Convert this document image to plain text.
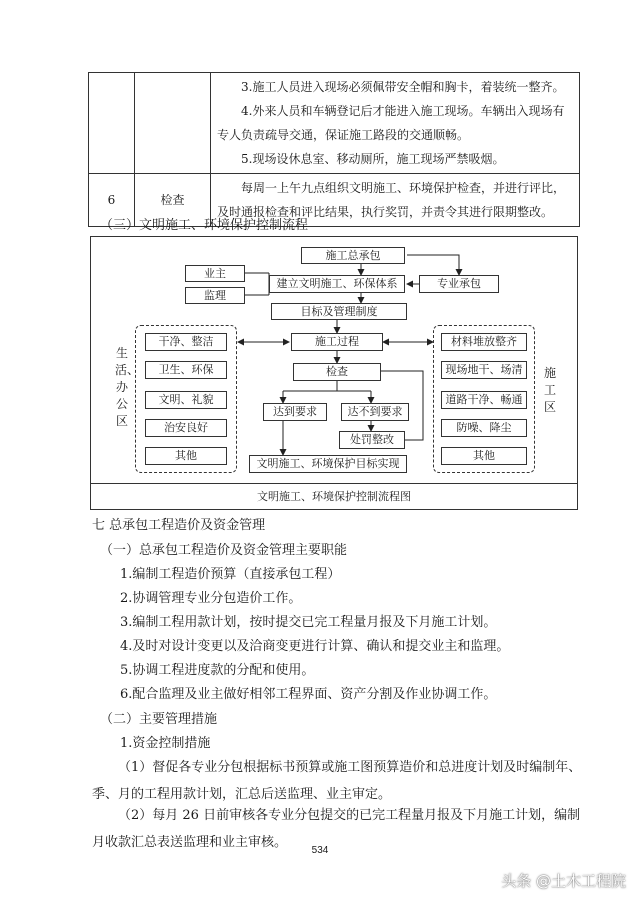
		3.施工人员进入现场必须佩带安全帽和胸卡，着装统一整齐。

4.外来人员和车辆登记后才能进入施工现场。车辆出入现场有专人负责疏导交通，保证施工路段的交通顺畅。

5.现场设休息室、移动厕所，施工现场严禁吸烟。

6	检查	每周一上午九点组织文明施工、环境保护检查，并进行评比，及时通报检查和评比结果，执行奖罚，并责令其进行限期整改。

（三）文明施工、环境保护控制流程
施工总承包
业主
监理
建立文明施工、环保体系	专业承包
目标及管理制度
施工过程
检查
达到要求	达不到要求
处罚整改
文明施工、环境保护目标实现
生活、办公区
干净、整洁
卫生、环保
文明、礼貌
治安良好
其他
施工区
材料堆放整齐
现场地干、场清
道路干净、畅通
防噪、降尘
其他
文明施工、环境保护控制流程图
七 总承包工程造价及资金管理
（一）总承包工程造价及资金管理主要职能
1.编制工程造价预算（直接承包工程）
2.协调管理专业分包造价工作。
3.编制工程用款计划，按时提交已完工程量月报及下月施工计划。
4.及时对设计变更以及洽商变更进行计算、确认和提交业主和监理。
5.协调工程进度款的分配和使用。
6.配合监理及业主做好相邻工程界面、资产分割及作业协调工作。
（二）主要管理措施
1.资金控制措施
（1）督促各专业分包根据标书预算或施工图预算造价和总进度计划及时编制年、季、月的工程用款计划，汇总后送监理、业主审定。
（2）每月 26 日前审核各专业分包提交的已完工程量月报及下月施工计划，编制月收款汇总表送监理和业主审核。
534
头条 @土木工程院
